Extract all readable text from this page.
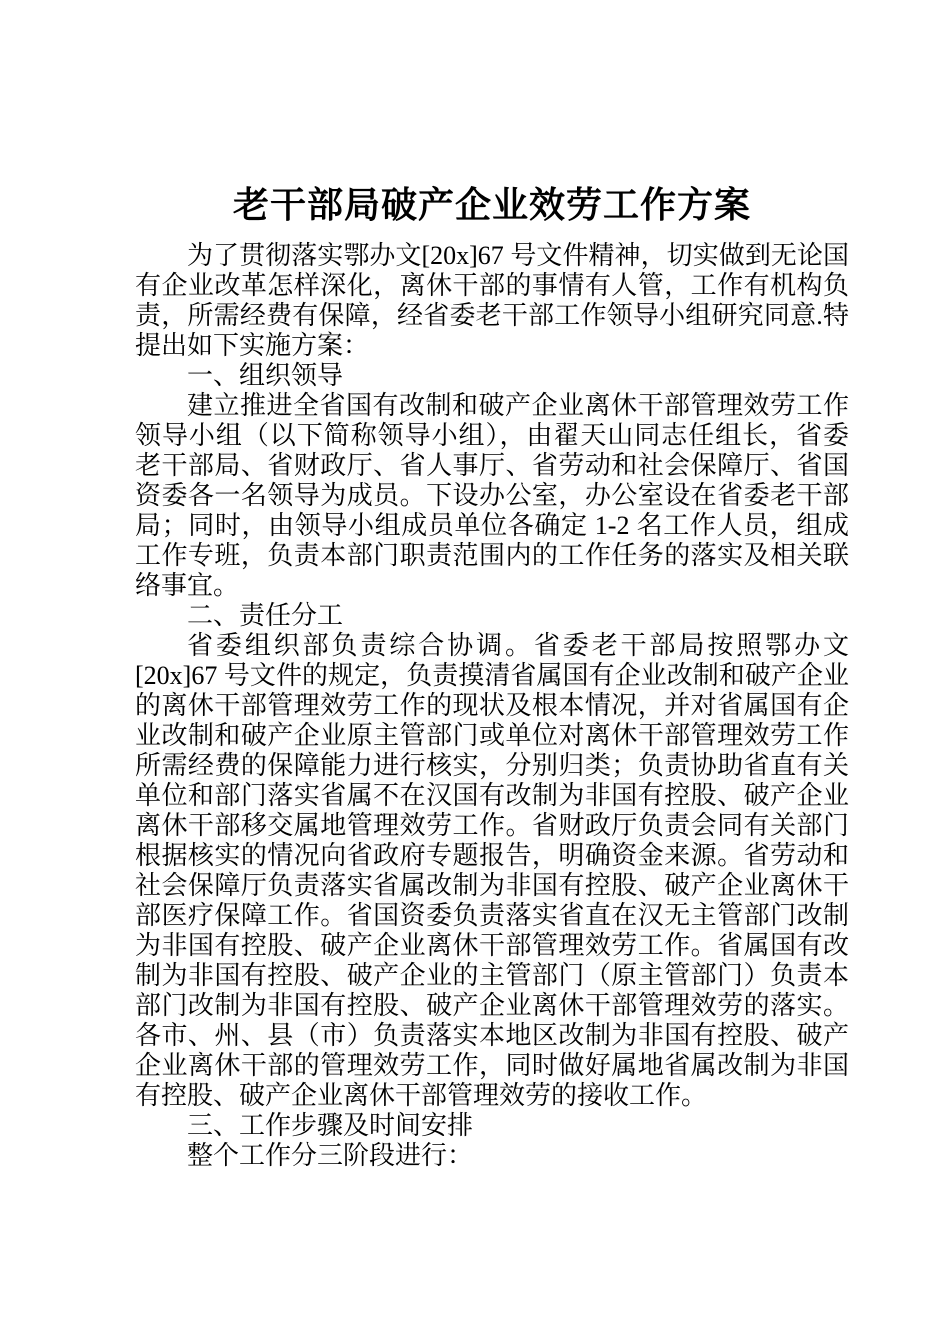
老干部局破产企业效劳工作方案

为了贯彻落实鄂办文[20x]67 号文件精神，切实做到无论国有企业改革怎样深化，离休干部的事情有人管，工作有机构负责，所需经费有保障，经省委老干部工作领导小组研究同意.特提出如下实施方案：

一、组织领导

建立推进全省国有改制和破产企业离休干部管理效劳工作领导小组（以下简称领导小组），由翟天山同志任组长，省委老干部局、省财政厅、省人事厅、省劳动和社会保障厅、省国资委各一名领导为成员。下设办公室，办公室设在省委老干部局；同时，由领导小组成员单位各确定 1-2 名工作人员，组成工作专班，负责本部门职责范围内的工作任务的落实及相关联络事宜。

二、责任分工

省委组织部负责综合协调。省委老干部局按照鄂办文[20x]67 号文件的规定，负责摸清省属国有企业改制和破产企业的离休干部管理效劳工作的现状及根本情况，并对省属国有企业改制和破产企业原主管部门或单位对离休干部管理效劳工作所需经费的保障能力进行核实，分别归类；负责协助省直有关单位和部门落实省属不在汉国有改制为非国有控股、破产企业离休干部移交属地管理效劳工作。省财政厅负责会同有关部门根据核实的情况向省政府专题报告，明确资金来源。省劳动和社会保障厅负责落实省属改制为非国有控股、破产企业离休干部医疗保障工作。省国资委负责落实省直在汉无主管部门改制为非国有控股、破产企业离休干部管理效劳工作。省属国有改制为非国有控股、破产企业的主管部门（原主管部门）负责本部门改制为非国有控股、破产企业离休干部管理效劳的落实。各市、州、县（市）负责落实本地区改制为非国有控股、破产企业离休干部的管理效劳工作，同时做好属地省属改制为非国有控股、破产企业离休干部管理效劳的接收工作。

三、工作步骤及时间安排

整个工作分三阶段进行：
